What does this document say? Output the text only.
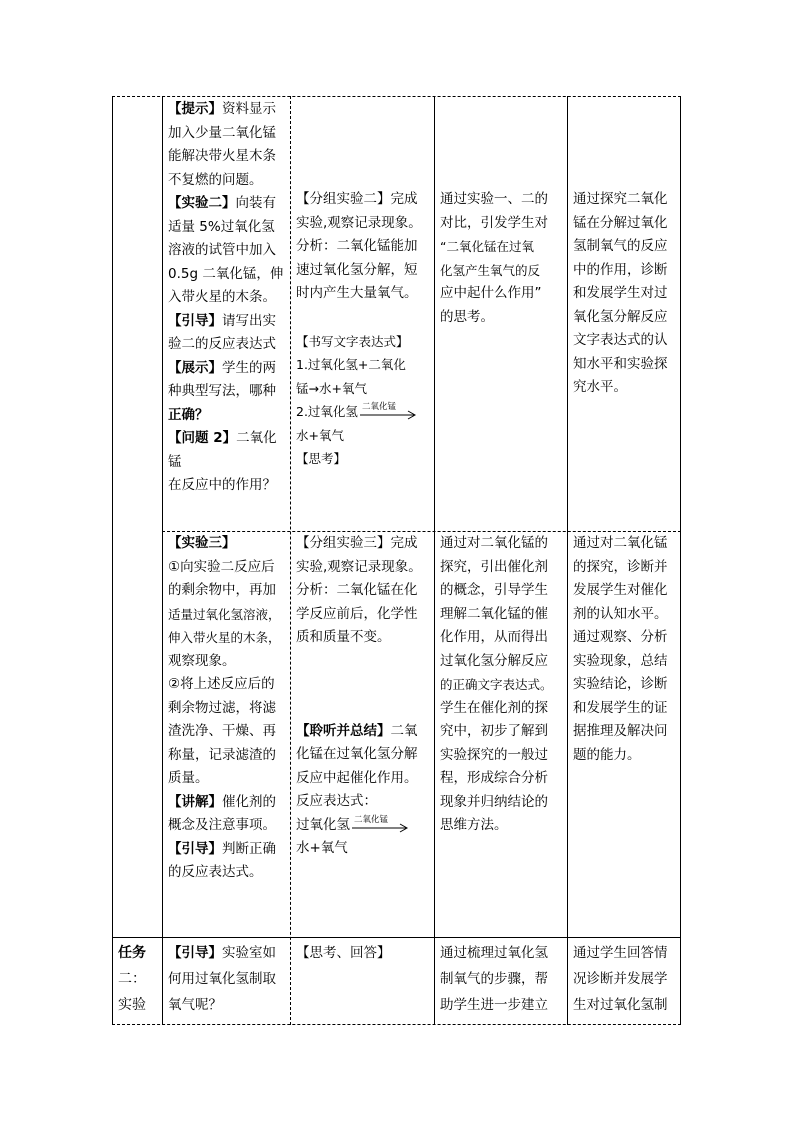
【提示】资料显示

加入少量二氧化锰

能解决带火星木条

不复燃的问题。

【实验二】向装有

适量 5%过氧化氢

溶液的试管中加入

0.5g 二氧化锰，伸

入带火星的木条。

【引导】请写出实

验二的反应表达式

【展示】学生的两

种典型写法，哪种

正确？

【问题 2】二氧化锰

在反应中的作用？

【分组实验二】完成

实验,观察记录现象。

分析：二氧化锰能加

速过氧化氢分解，短

时内产生大量氧气。

【书写文字表达式】

1.过氧化氢+二氧化

锰→水+氧气

2.过氧化氢 二氧化锰

水+氧气

【思考】

通过实验一、二的

对比，引发学生对

“二氧化锰在过氧

化氢产生氧气的反

应中起什么作用”

的思考。

通过探究二氧化

锰在分解过氧化

氢制氧气的反应

中的作用，诊断

和发展学生对过

氧化氢分解反应

文字表达式的认

知水平和实验探

究水平。

【实验三】

①向实验二反应后

的剩余物中，再加

适量过氧化氢溶液，

伸入带火星的木条，

观察现象。

②将上述反应后的

剩余物过滤，将滤

渣洗净、干燥、再

称量，记录滤渣的

质量。

【讲解】催化剂的

概念及注意事项。

【引导】判断正确

的反应表达式。

【分组实验三】完成

实验,观察记录现象。

分析：二氧化锰在化

学反应前后，化学性

质和质量不变。

【聆听并总结】二氧

化锰在过氧化氢分解

反应中起催化作用。

反应表达式：

过氧化氢 二氧化锰

水+氧气

通过对二氧化锰的

探究，引出催化剂

的概念，引导学生

理解二氧化锰的催

化作用，从而得出

过氧化氢分解反应

的正确文字表达式。

学生在催化剂的探

究中，初步了解到

实验探究的一般过

程，形成综合分析

现象并归纳结论的

思维方法。

通过对二氧化锰

的探究，诊断并

发展学生对催化

剂的认知水平。

通过观察、分析

实验现象，总结

实验结论，诊断

和发展学生的证

据推理及解决问

题的能力。

任务

二：

实验

【引导】实验室如

何用过氧化氢制取

氧气呢？

【思考、回答】	通过梳理过氧化氢

制氧气的步骤，帮

助学生进一步建立

通过学生回答情

况诊断并发展学

生对过氧化氢制
